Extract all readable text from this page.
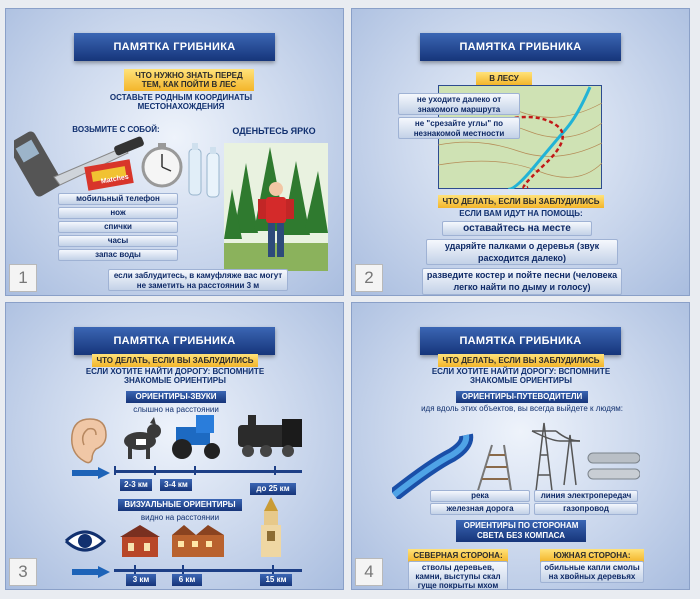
ПАМЯТКА ГРИБНИКА
ЧТО НУЖНО ЗНАТЬ ПЕРЕД ТЕМ, КАК ПОЙТИ В ЛЕС
ОСТАВЬТЕ РОДНЫМ КООРДИНАТЫ МЕСТОНАХОЖДЕНИЯ
ВОЗЬМИТЕ С СОБОЙ:	ОДЕНЬТЕСЬ ЯРКО
Matches
мобильный телефон
нож
спички
часы
запас воды
если заблудитесь, в камуфляже вас могут не заметить на расстоянии 3 м
1
ПАМЯТКА ГРИБНИКА
В ЛЕСУ
не уходите далеко от знакомого маршрута
не "срезайте углы" по незнакомой местности
ЧТО ДЕЛАТЬ, ЕСЛИ ВЫ ЗАБЛУДИЛИСЬ
ЕСЛИ ВАМ ИДУТ НА ПОМОЩЬ:
оставайтесь на месте
ударяйте палками о деревья (звук расходится далеко)
разведите костер и пойте песни (человека легко найти по дыму и голосу)
2
ПАМЯТКА ГРИБНИКА
ЧТО ДЕЛАТЬ, ЕСЛИ ВЫ ЗАБЛУДИЛИСЬ
ЕСЛИ ХОТИТЕ НАЙТИ ДОРОГУ: ВСПОМНИТЕ ЗНАКОМЫЕ ОРИЕНТИРЫ
ОРИЕНТИРЫ-ЗВУКИ
слышно на расстоянии
2-3 км	3-4 км	до 25 км
ВИЗУАЛЬНЫЕ ОРИЕНТИРЫ
видно на расстоянии
3 км	6 км	15 км
3
ПАМЯТКА ГРИБНИКА
ЧТО ДЕЛАТЬ, ЕСЛИ ВЫ ЗАБЛУДИЛИСЬ
ЕСЛИ ХОТИТЕ НАЙТИ ДОРОГУ: ВСПОМНИТЕ ЗНАКОМЫЕ ОРИЕНТИРЫ
ОРИЕНТИРЫ-ПУТЕВОДИТЕЛИ
идя вдоль этих объектов, вы всегда выйдете к людям:
река	линия электропередач
железная дорога	газопровод
ОРИЕНТИРЫ ПО СТОРОНАМ СВЕТА БЕЗ КОМПАСА
СЕВЕРНАЯ СТОРОНА:
стволы деревьев, камни, выступы скал гуще покрыты мхом
ЮЖНАЯ СТОРОНА:
обильные капли смолы на хвойных деревьях
4
